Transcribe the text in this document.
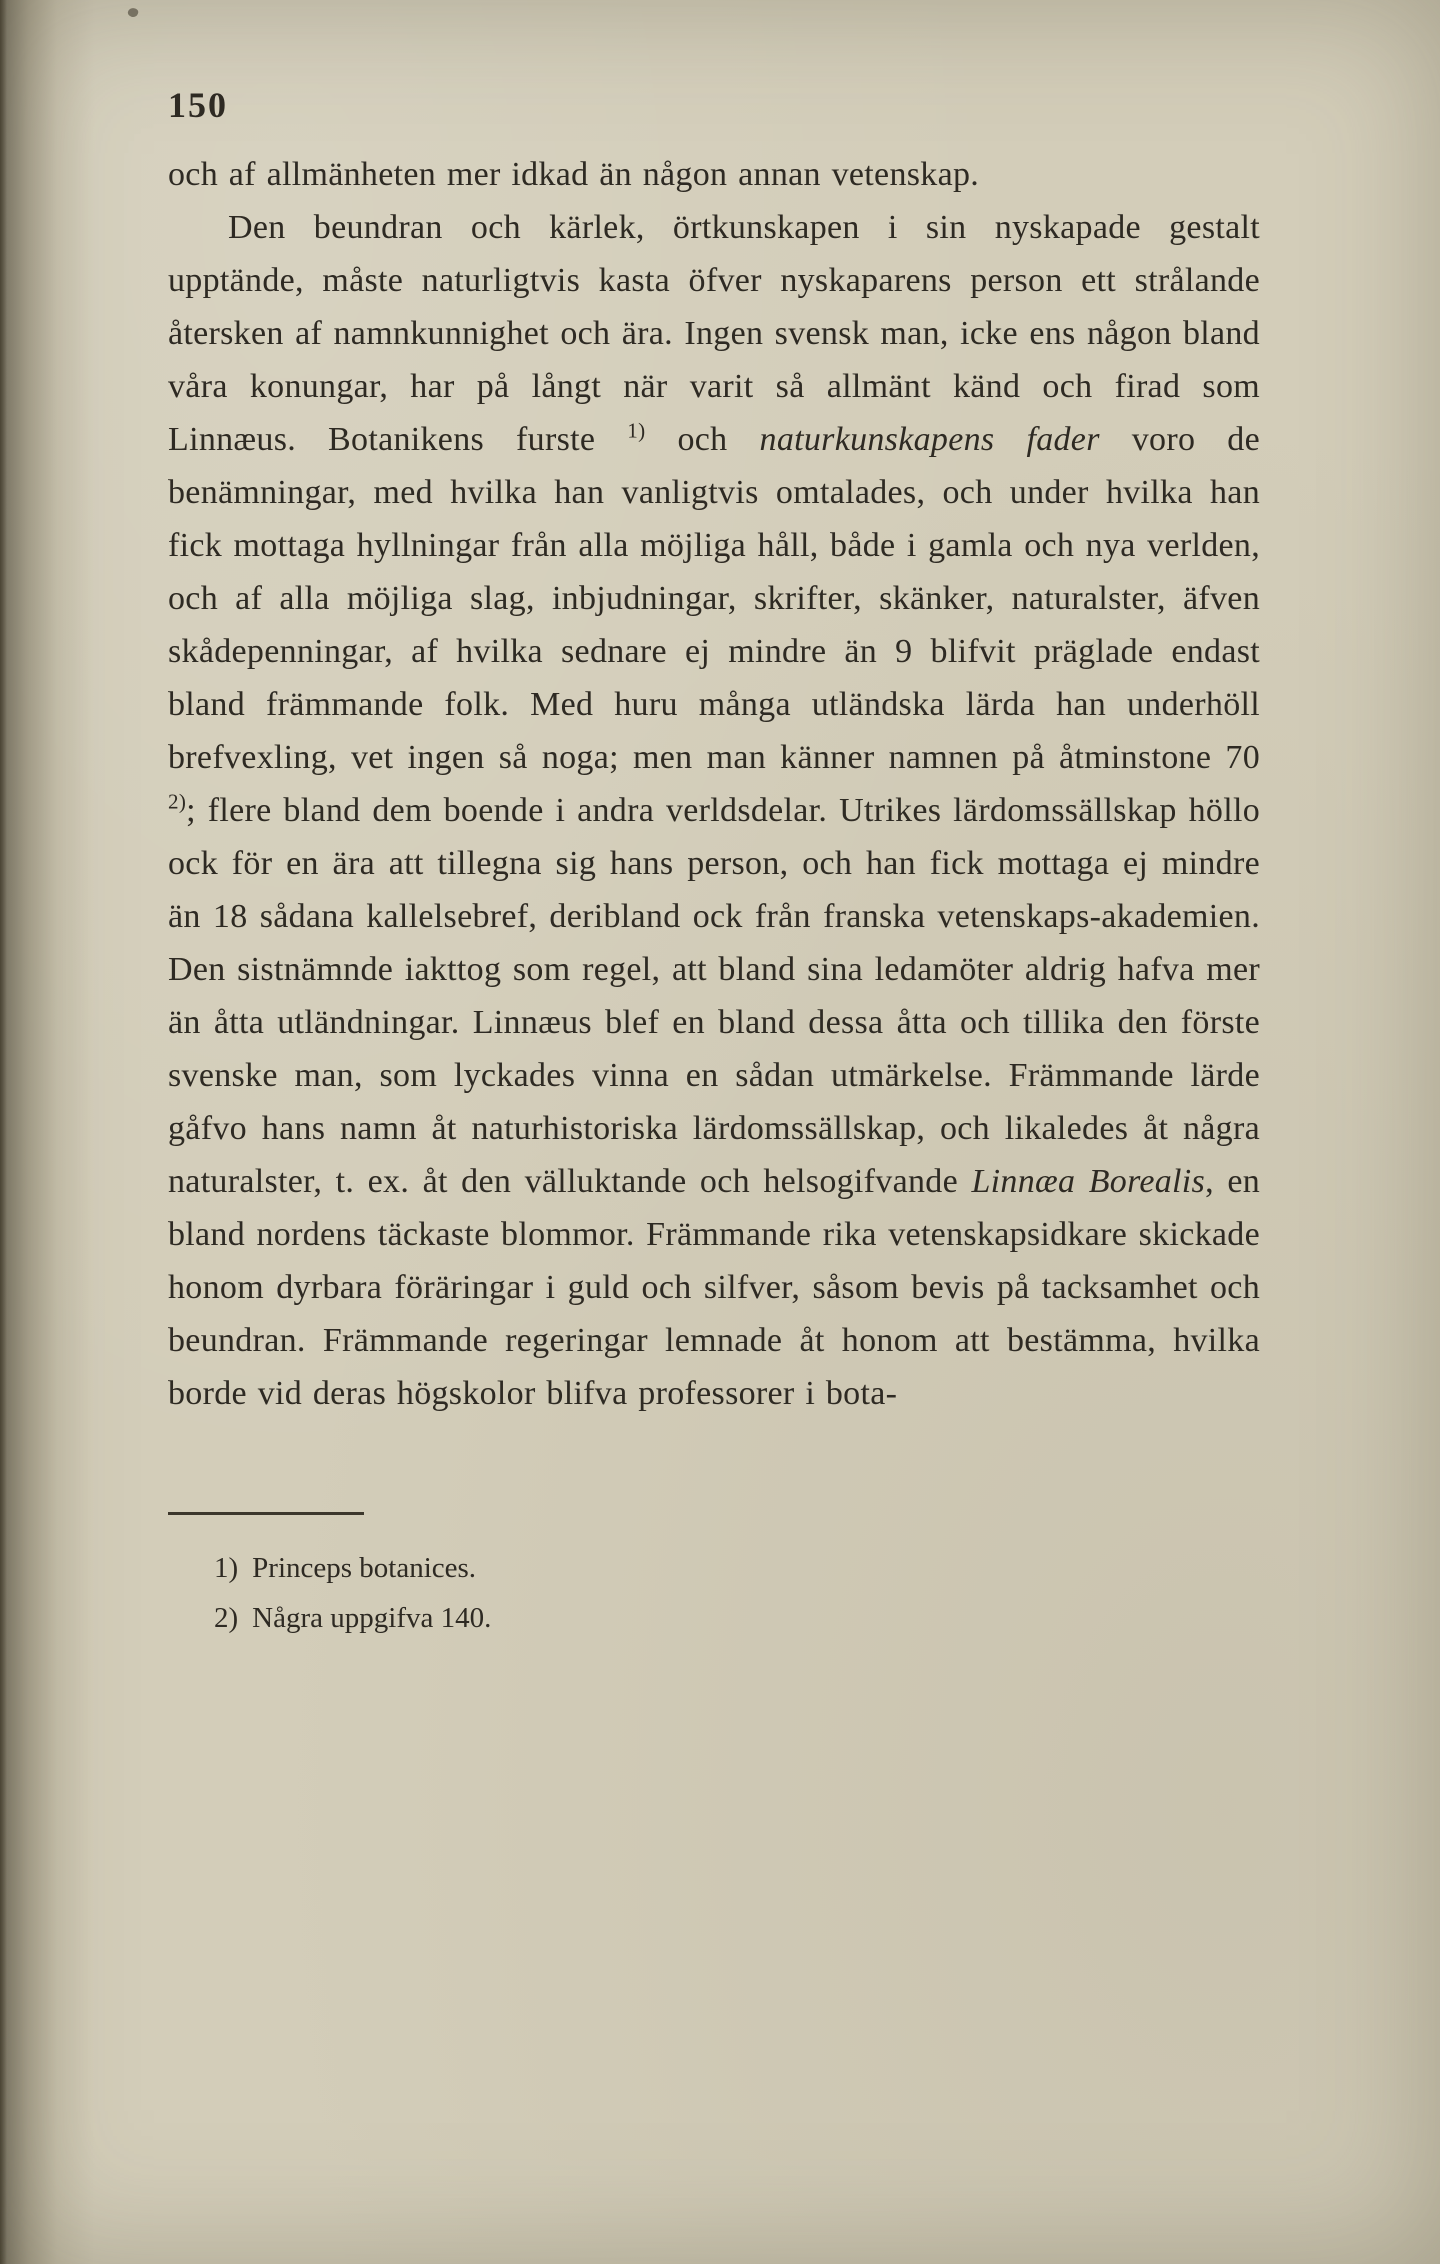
150

och af allmänheten mer idkad än någon annan vetenskap.

Den beundran och kärlek, örtkunskapen i sin nyskapade gestalt upptände, måste naturligtvis kasta öfver nyskaparens person ett strålande återsken af namnkunnighet och ära. Ingen svensk man, icke ens någon bland våra konungar, har på långt när varit så allmänt känd och firad som Linnæus. Botanikens furste $^{1)}$ och naturkunskapens fader voro de benämningar, med hvilka han vanligtvis omtalades, och under hvilka han fick mottaga hyllningar från alla möjliga håll, både i gamla och nya verlden, och af alla möjliga slag, inbjudningar, skrifter, skänker, naturalster, äfven skådepenningar, af hvilka sednare ej mindre än 9 blifvit präglade endast bland främmande folk. Med huru många utländska lärda han underhöll brefvexling, vet ingen så noga; men man känner namnen på åtminstone 70 $^{2)}$; flere bland dem boende i andra verldsdelar. Utrikes lärdomssällskap höllo ock för en ära att tillegna sig hans person, och han fick mottaga ej mindre än 18 sådana kallelsebref, deribland ock från franska vetenskaps-akademien. Den sistnämnde iakttog som regel, att bland sina ledamöter aldrig hafva mer än åtta utländningar. Linnæus blef en bland dessa åtta och tillika den förste svenske man, som lyckades vinna en sådan utmärkelse. Främmande lärde gåfvo hans namn åt naturhistoriska lärdomssällskap, och likaledes åt några naturalster, t. ex. åt den välluktande och helsogifvande Linnæa Borealis, en bland nordens täckaste blommor. Främmande rika vetenskapsidkare skickade honom dyrbara föräringar i guld och silfver, såsom bevis på tacksamhet och beundran. Främmande regeringar lemnade åt honom att bestämma, hvilka borde vid deras högskolor blifva professorer i bota-

1) Princeps botanices.
2) Några uppgifva 140.
